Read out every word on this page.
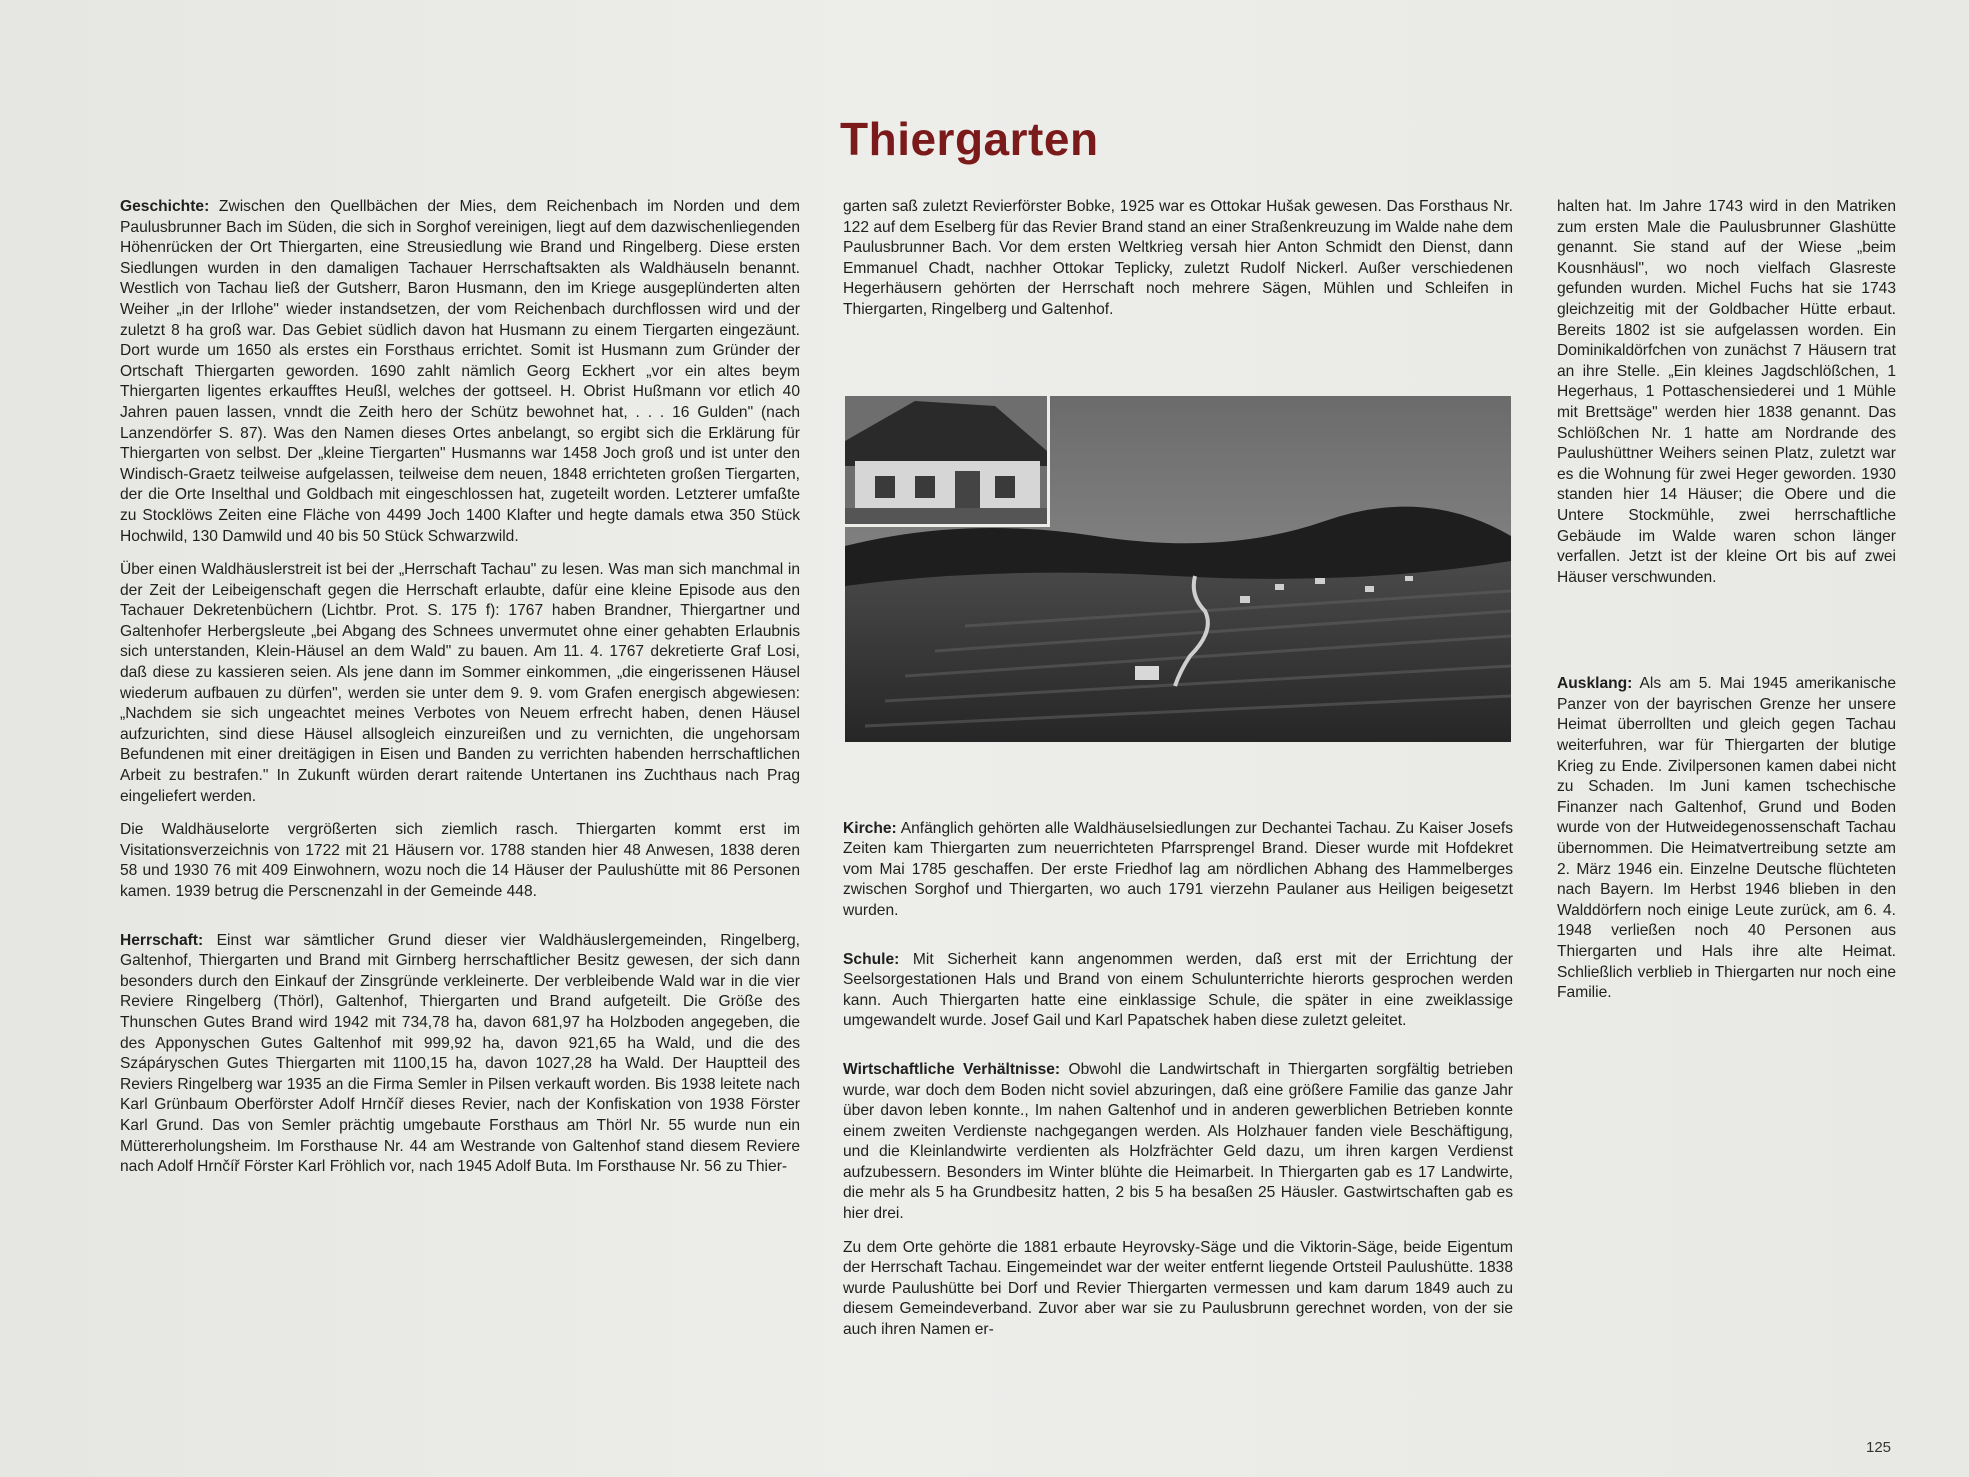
Thiergarten

Geschichte: Zwischen den Quellbächen der Mies, dem Reichenbach im Norden und dem Paulusbrunner Bach im Süden, die sich in Sorghof vereinigen, liegt auf dem dazwischenliegenden Höhenrücken der Ort Thiergarten, eine Streusiedlung wie Brand und Ringelberg. Diese ersten Siedlungen wurden in den damaligen Tachauer Herrschaftsakten als Waldhäuseln benannt. Westlich von Tachau ließ der Gutsherr, Baron Husmann, den im Kriege ausgeplünderten alten Weiher „in der Irllohe" wieder instandsetzen, der vom Reichenbach durchflossen wird und der zuletzt 8 ha groß war. Das Gebiet südlich davon hat Husmann zu einem Tiergarten eingezäunt. Dort wurde um 1650 als erstes ein Forsthaus errichtet. Somit ist Husmann zum Gründer der Ortschaft Thiergarten geworden. 1690 zahlt nämlich Georg Eckhert „vor ein altes beym Thiergarten ligentes erkaufftes Heußl, welches der gottseel. H. Obrist Hußmann vor etlich 40 Jahren pauen lassen, vnndt die Zeith hero der Schütz bewohnet hat, . . . 16 Gulden" (nach Lanzendörfer S. 87). Was den Namen dieses Ortes anbelangt, so ergibt sich die Erklärung für Thiergarten von selbst. Der „kleine Tiergarten" Husmanns war 1458 Joch groß und ist unter den Windisch-Graetz teilweise aufgelassen, teilweise dem neuen, 1848 errichteten großen Tiergarten, der die Orte Inselthal und Goldbach mit eingeschlossen hat, zugeteilt worden. Letzterer umfaßte zu Stocklöws Zeiten eine Fläche von 4499 Joch 1400 Klafter und hegte damals etwa 350 Stück Hochwild, 130 Damwild und 40 bis 50 Stück Schwarzwild.

Über einen Waldhäuslerstreit ist bei der „Herrschaft Tachau" zu lesen. Was man sich manchmal in der Zeit der Leibeigenschaft gegen die Herrschaft erlaubte, dafür eine kleine Episode aus den Tachauer Dekretenbüchern (Lichtbr. Prot. S. 175 f): 1767 haben Brandner, Thiergartner und Galtenhofer Herbergsleute „bei Abgang des Schnees unvermutet ohne einer gehabten Erlaubnis sich unterstanden, Klein-Häusel an dem Wald" zu bauen. Am 11. 4. 1767 dekretierte Graf Losi, daß diese zu kassieren seien. Als jene dann im Sommer einkommen, „die eingerissenen Häusel wiederum aufbauen zu dürfen", werden sie unter dem 9. 9. vom Grafen energisch abgewiesen: „Nachdem sie sich ungeachtet meines Verbotes von Neuem erfrecht haben, denen Häusel aufzurichten, sind diese Häusel allsogleich einzureißen und zu vernichten, die ungehorsam Befundenen mit einer dreitägigen in Eisen und Banden zu verrichten habenden herrschaftlichen Arbeit zu bestrafen." In Zukunft würden derart raitende Untertanen ins Zuchthaus nach Prag eingeliefert werden.

Die Waldhäuselorte vergrößerten sich ziemlich rasch. Thiergarten kommt erst im Visitationsverzeichnis von 1722 mit 21 Häusern vor. 1788 standen hier 48 Anwesen, 1838 deren 58 und 1930 76 mit 409 Einwohnern, wozu noch die 14 Häuser der Paulushütte mit 86 Personen kamen. 1939 betrug die Perscnenzahl in der Gemeinde 448.

Herrschaft: Einst war sämtlicher Grund dieser vier Waldhäuslergemeinden, Ringelberg, Galtenhof, Thiergarten und Brand mit Girnberg herrschaftlicher Besitz gewesen, der sich dann besonders durch den Einkauf der Zinsgründe verkleinerte. Der verbleibende Wald war in die vier Reviere Ringelberg (Thörl), Galtenhof, Thiergarten und Brand aufgeteilt. Die Größe des Thunschen Gutes Brand wird 1942 mit 734,78 ha, davon 681,97 ha Holzboden angegeben, die des Apponyschen Gutes Galtenhof mit 999,92 ha, davon 921,65 ha Wald, und die des Szápáryschen Gutes Thiergarten mit 1100,15 ha, davon 1027,28 ha Wald. Der Hauptteil des Reviers Ringelberg war 1935 an die Firma Semler in Pilsen verkauft worden. Bis 1938 leitete nach Karl Grünbaum Oberförster Adolf Hrnčíř dieses Revier, nach der Konfiskation von 1938 Förster Karl Grund. Das von Semler prächtig umgebaute Forsthaus am Thörl Nr. 55 wurde nun ein Müttererholungsheim. Im Forsthause Nr. 44 am Westrande von Galtenhof stand diesem Reviere nach Adolf Hrnčíř Förster Karl Fröhlich vor, nach 1945 Adolf Buta. Im Forsthause Nr. 56 zu Thier-

garten saß zuletzt Revierförster Bobke, 1925 war es Ottokar Hušak gewesen. Das Forsthaus Nr. 122 auf dem Eselberg für das Revier Brand stand an einer Straßenkreuzung im Walde nahe dem Paulusbrunner Bach. Vor dem ersten Weltkrieg versah hier Anton Schmidt den Dienst, dann Emmanuel Chadt, nachher Ottokar Teplicky, zuletzt Rudolf Nickerl. Außer verschiedenen Hegerhäusern gehörten der Herrschaft noch mehrere Sägen, Mühlen und Schleifen in Thiergarten, Ringelberg und Galtenhof.

Kirche: Anfänglich gehörten alle Waldhäuselsiedlungen zur Dechantei Tachau. Zu Kaiser Josefs Zeiten kam Thiergarten zum neuerrichteten Pfarrsprengel Brand. Dieser wurde mit Hofdekret vom Mai 1785 geschaffen. Der erste Friedhof lag am nördlichen Abhang des Hammelberges zwischen Sorghof und Thiergarten, wo auch 1791 vierzehn Paulaner aus Heiligen beigesetzt wurden.

Schule: Mit Sicherheit kann angenommen werden, daß erst mit der Errichtung der Seelsorgestationen Hals und Brand von einem Schulunterrichte hierorts gesprochen werden kann. Auch Thiergarten hatte eine einklassige Schule, die später in eine zweiklassige umgewandelt wurde. Josef Gail und Karl Papatschek haben diese zuletzt geleitet.

Wirtschaftliche Verhältnisse: Obwohl die Landwirtschaft in Thiergarten sorgfältig betrieben wurde, war doch dem Boden nicht soviel abzuringen, daß eine größere Familie das ganze Jahr über davon leben konnte., Im nahen Galtenhof und in anderen gewerblichen Betrieben konnte einem zweiten Verdienste nachgegangen werden. Als Holzhauer fanden viele Beschäftigung, und die Kleinlandwirte verdienten als Holzfrächter Geld dazu, um ihren kargen Verdienst aufzubessern. Besonders im Winter blühte die Heimarbeit. In Thiergarten gab es 17 Landwirte, die mehr als 5 ha Grundbesitz hatten, 2 bis 5 ha besaßen 25 Häusler. Gastwirtschaften gab es hier drei.

Zu dem Orte gehörte die 1881 erbaute Heyrovsky-Säge und die Viktorin-Säge, beide Eigentum der Herrschaft Tachau. Eingemeindet war der weiter entfernt liegende Ortsteil Paulushütte. 1838 wurde Paulushütte bei Dorf und Revier Thiergarten vermessen und kam darum 1849 auch zu diesem Gemeindeverband. Zuvor aber war sie zu Paulusbrunn gerechnet worden, von der sie auch ihren Namen er-

halten hat. Im Jahre 1743 wird in den Matriken zum ersten Male die Paulusbrunner Glashütte genannt. Sie stand auf der Wiese „beim Kousnhäusl", wo noch vielfach Glasreste gefunden wurden. Michel Fuchs hat sie 1743 gleichzeitig mit der Goldbacher Hütte erbaut. Bereits 1802 ist sie aufgelassen worden. Ein Dominikaldörfchen von zunächst 7 Häusern trat an ihre Stelle. „Ein kleines Jagdschlößchen, 1 Hegerhaus, 1 Pottaschensiederei und 1 Mühle mit Brettsäge" werden hier 1838 genannt. Das Schlößchen Nr. 1 hatte am Nordrande des Paulushüttner Weihers seinen Platz, zuletzt war es die Wohnung für zwei Heger geworden. 1930 standen hier 14 Häuser; die Obere und die Untere Stockmühle, zwei herrschaftliche Gebäude im Walde waren schon länger verfallen. Jetzt ist der kleine Ort bis auf zwei Häuser verschwunden.

Ausklang: Als am 5. Mai 1945 amerikanische Panzer von der bayrischen Grenze her unsere Heimat überrollten und gleich gegen Tachau weiterfuhren, war für Thiergarten der blutige Krieg zu Ende. Zivilpersonen kamen dabei nicht zu Schaden. Im Juni kamen tschechische Finanzer nach Galtenhof, Grund und Boden wurde von der Hutweidegenossenschaft Tachau übernommen. Die Heimatvertreibung setzte am 2. März 1946 ein. Einzelne Deutsche flüchteten nach Bayern. Im Herbst 1946 blieben in den Walddörfern noch einige Leute zurück, am 6. 4. 1948 verließen noch 40 Personen aus Thiergarten und Hals ihre alte Heimat. Schließlich verblieb in Thiergarten nur noch eine Familie.

125
